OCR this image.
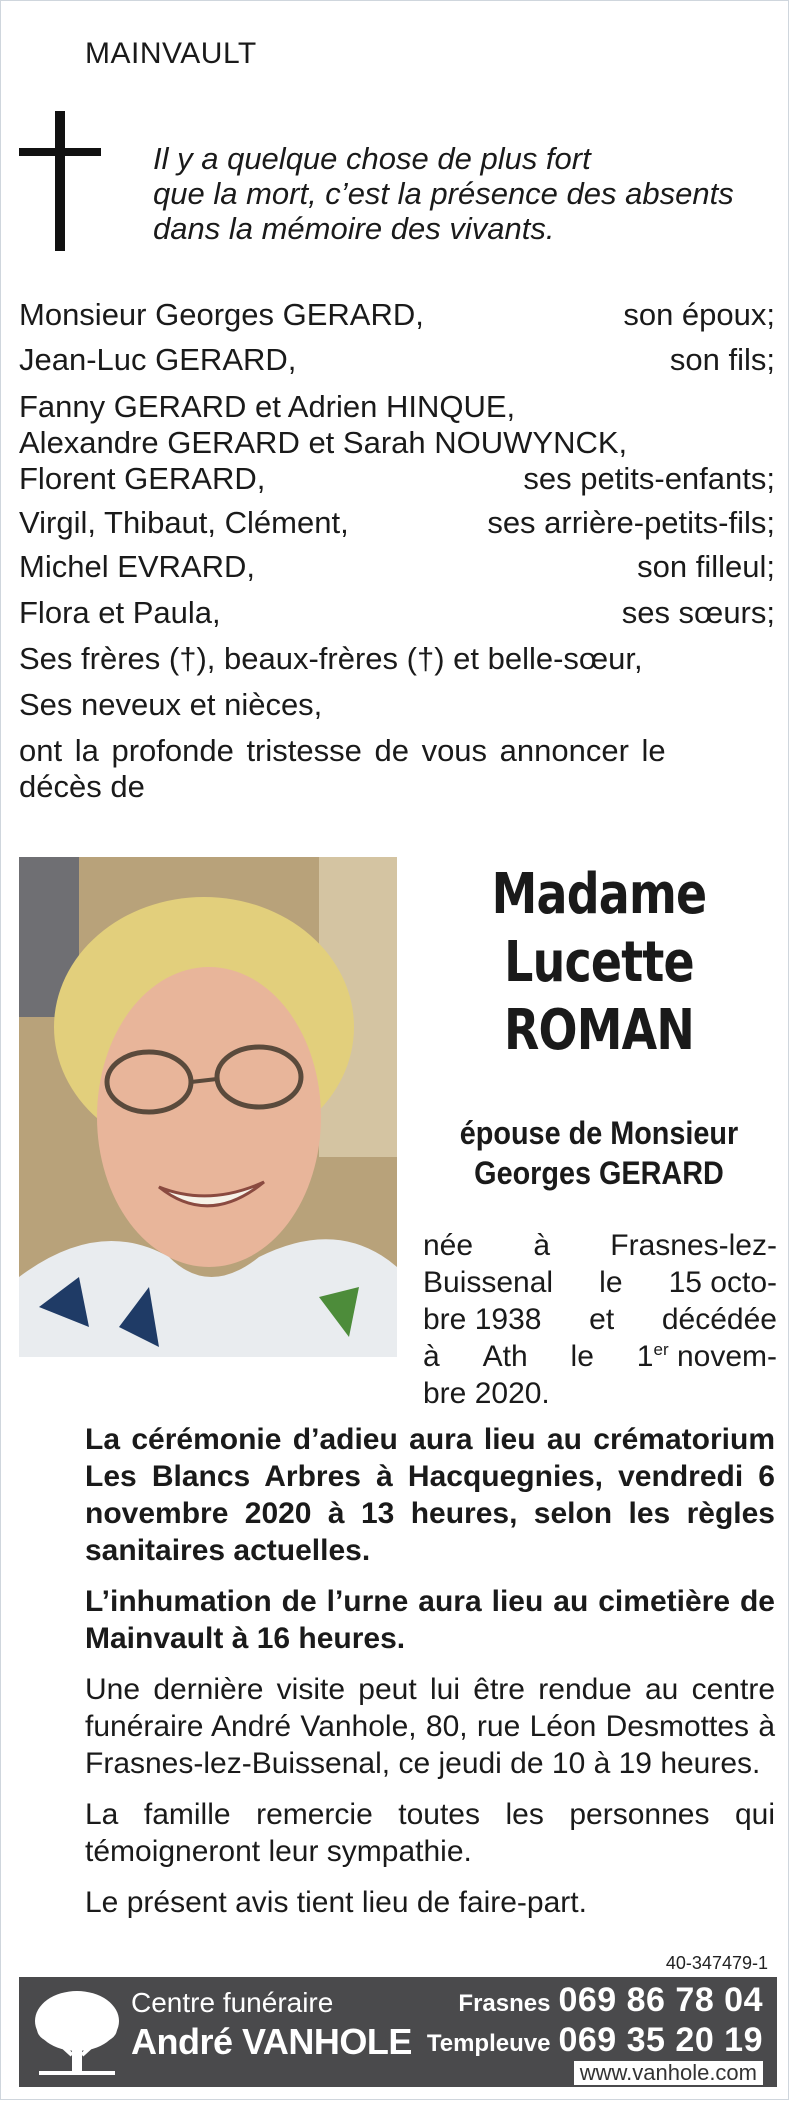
MAINVAULT
Il y a quelque chose de plus fort
que la mort, c’est la présence des absents
dans la mémoire des vivants.
Monsieur Georges GERARD,	son époux;
Jean-Luc GERARD,	son fils;
Fanny GERARD et Adrien HINQUE,
Alexandre GERARD et Sarah NOUWYNCK,
Florent GERARD,	ses petits-enfants;
Virgil, Thibaut, Clément,	ses arrière-petits-fils;
Michel EVRARD,	son filleul;
Flora et Paula,	ses sœurs;
Ses frères (†), beaux-frères (†) et belle-sœur,
Ses neveux et nièces,
ont la profonde tristesse de vous annoncer le
décès de
Madame
Lucette
ROMAN
épouse de Monsieur
Georges GERARD
née à Frasnes-lez-
Buissenal le 15 octo-
bre 1938 et décédée
à Ath le 1er novem-
bre 2020.
La cérémonie d’adieu aura lieu au crématorium Les Blancs Arbres à Hacquegnies, vendredi 6 novembre 2020 à 13 heures, selon les règles sanitaires actuelles.
L’inhumation de l’urne aura lieu au cimetière de Mainvault à 16 heures.
Une dernière visite peut lui être rendue au centre funéraire André Vanhole, 80, rue Léon Desmottes à Frasnes-lez-Buissenal, ce jeudi de 10 à 19 heures.
La famille remercie toutes les personnes qui témoigneront leur sympathie.
Le présent avis tient lieu de faire-part.
40-347479-1
Centre funéraire
André VANHOLE
Frasnes 069 86 78 04
Templeuve 069 35 20 19
www.vanhole.com
